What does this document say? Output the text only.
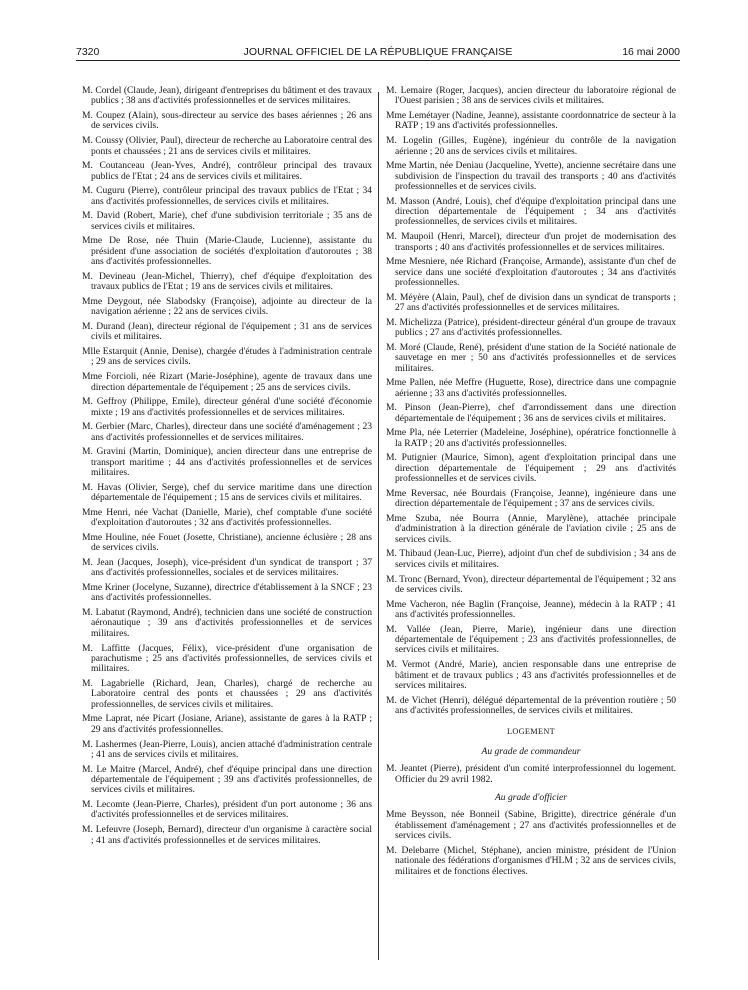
7320	JOURNAL OFFICIEL DE LA RÉPUBLIQUE FRANÇAISE	16 mai 2000
M. Cordel (Claude, Jean), dirigeant d'entreprises du bâtiment et des travaux publics ; 38 ans d'activités professionnelles et de services militaires.
M. Coupez (Alain), sous-directeur au service des bases aériennes ; 26 ans de services civils.
M. Coussy (Olivier, Paul), directeur de recherche au Laboratoire central des ponts et chaussées ; 21 ans de services civils et militaires.
M. Coutanceau (Jean-Yves, André), contrôleur principal des travaux publics de l'Etat ; 24 ans de services civils et militaires.
M. Cuguru (Pierre), contrôleur principal des travaux publics de l'Etat ; 34 ans d'activités professionnelles, de services civils et militaires.
M. David (Robert, Marie), chef d'une subdivision territoriale ; 35 ans de services civils et militaires.
Mme De Rose, née Thuin (Marie-Claude, Lucienne), assistante du président d'une association de sociétés d'exploitation d'autoroutes ; 38 ans d'activités professionnelles.
M. Devineau (Jean-Michel, Thierry), chef d'équipe d'exploitation des travaux publics de l'Etat ; 19 ans de services civils et militaires.
Mme Deygout, née Slabodsky (Françoise), adjointe au directeur de la navigation aérienne ; 22 ans de services civils.
M. Durand (Jean), directeur régional de l'équipement ; 31 ans de services civils et militaires.
Mlle Estarquit (Annie, Denise), chargée d'études à l'administration centrale ; 29 ans de services civils.
Mme Forcioli, née Rizart (Marie-Joséphine), agente de travaux dans une direction départementale de l'équipement ; 25 ans de services civils.
M. Geffroy (Philippe, Emile), directeur général d'une société d'économie mixte ; 19 ans d'activités professionnelles et de services militaires.
M. Gerbier (Marc, Charles), directeur dans une société d'aménagement ; 23 ans d'activités professionnelles et de services militaires.
M. Gravini (Martin, Dominique), ancien directeur dans une entreprise de transport maritime ; 44 ans d'activités professionnelles et de services militaires.
M. Havas (Olivier, Serge), chef du service maritime dans une direction départementale de l'équipement ; 15 ans de services civils et militaires.
Mme Henri, née Vachat (Danielle, Marie), chef comptable d'une société d'exploitation d'autoroutes ; 32 ans d'activités professionnelles.
Mme Houline, née Fouet (Josette, Christiane), ancienne éclusière ; 28 ans de services civils.
M. Jean (Jacques, Joseph), vice-président d'un syndicat de transport ; 37 ans d'activités professionnelles, sociales et de services militaires.
Mme Kriner (Jocelyne, Suzanne), directrice d'établissement à la SNCF ; 23 ans d'activités professionnelles.
M. Labatut (Raymond, André), technicien dans une société de construction aéronautique ; 39 ans d'activités professionnelles et de services militaires.
M. Laffitte (Jacques, Félix), vice-président d'une organisation de parachutisme ; 25 ans d'activités professionnelles, de services civils et militaires.
M. Lagabrielle (Richard, Jean, Charles), chargé de recherche au Laboratoire central des ponts et chaussées ; 29 ans d'activités professionnelles, de services civils et militaires.
Mme Laprat, née Picart (Josiane, Ariane), assistante de gares à la RATP ; 29 ans d'activités professionnelles.
M. Lashermes (Jean-Pierre, Louis), ancien attaché d'administration centrale ; 41 ans de services civils et militaires.
M. Le Maitre (Marcel, André), chef d'équipe principal dans une direction départementale de l'équipement ; 39 ans d'activités professionnelles, de services civils et militaires.
M. Lecomte (Jean-Pierre, Charles), président d'un port autonome ; 36 ans d'activités professionnelles et de services militaires.
M. Lefeuvre (Joseph, Bernard), directeur d'un organisme à caractère social ; 41 ans d'activités professionnelles et de services militaires.
M. Lemaire (Roger, Jacques), ancien directeur du laboratoire régional de l'Ouest parisien ; 38 ans de services civils et militaires.
Mme Lemétayer (Nadine, Jeanne), assistante coordonnatrice de secteur à la RATP ; 19 ans d'activités professionnelles.
M. Logelin (Gilles, Eugène), ingénieur du contrôle de la navigation aérienne ; 20 ans de services civils et militaires.
Mme Martin, née Deniau (Jacqueline, Yvette), ancienne secrétaire dans une subdivision de l'inspection du travail des transports ; 40 ans d'activités professionnelles et de services civils.
M. Masson (André, Louis), chef d'équipe d'exploitation principal dans une direction départementale de l'équipement ; 34 ans d'activités professionnelles, de services civils et militaires.
M. Maupoil (Henri, Marcel), directeur d'un projet de modernisation des transports ; 40 ans d'activités professionnelles et de services militaires.
Mme Mesniere, née Richard (Françoise, Armande), assistante d'un chef de service dans une société d'exploitation d'autoroutes ; 34 ans d'activités professionnelles.
M. Méyère (Alain, Paul), chef de division dans un syndicat de transports ; 27 ans d'activités professionnelles et de services militaires.
M. Michelizza (Patrice), président-directeur général d'un groupe de travaux publics ; 27 ans d'activités professionnelles.
M. Moré (Claude, René), président d'une station de la Société nationale de sauvetage en mer ; 50 ans d'activités professionnelles et de services militaires.
Mme Pallen, née Meffre (Huguette, Rose), directrice dans une compagnie aérienne ; 33 ans d'activités professionnelles.
M. Pinson (Jean-Pierre), chef d'arrondissement dans une direction départementale de l'équipement ; 36 ans de services civils et militaires.
Mme Pla, née Leterrier (Madeleine, Joséphine), opératrice fonctionnelle à la RATP ; 20 ans d'activités professionnelles.
M. Putignier (Maurice, Simon), agent d'exploitation principal dans une direction départementale de l'équipement ; 29 ans d'activités professionnelles et de services civils.
Mme Reversac, née Bourdais (Françoise, Jeanne), ingénieure dans une direction départementale de l'équipement ; 37 ans de services civils.
Mme Szuba, née Bourra (Annie, Marylène), attachée principale d'administration à la direction générale de l'aviation civile ; 25 ans de services civils.
M. Thibaud (Jean-Luc, Pierre), adjoint d'un chef de subdivision ; 34 ans de services civils et militaires.
M. Tronc (Bernard, Yvon), directeur départemental de l'équipement ; 32 ans de services civils.
Mme Vacheron, née Baglin (Françoise, Jeanne), médecin à la RATP ; 41 ans d'activités professionnelles.
M. Vallée (Jean, Pierre, Marie), ingénieur dans une direction départementale de l'équipement ; 23 ans d'activités professionnelles, de services civils et militaires.
M. Vermot (André, Marie), ancien responsable dans une entreprise de bâtiment et de travaux publics ; 43 ans d'activités professionnelles et de services militaires.
M. de Vichet (Henri), délégué départemental de la prévention routière ; 50 ans d'activités professionnelles, de services civils et militaires.
LOGEMENT
Au grade de commandeur
M. Jeantet (Pierre), président d'un comité interprofessionnel du logement. Officier du 29 avril 1982.
Au grade d'officier
Mme Beysson, née Bonneil (Sabine, Brigitte), directrice générale d'un établissement d'aménagement ; 27 ans d'activités professionnelles et de services civils.
M. Delebarre (Michel, Stéphane), ancien ministre, président de l'Union nationale des fédérations d'organismes d'HLM ; 32 ans de services civils, militaires et de fonctions électives.
